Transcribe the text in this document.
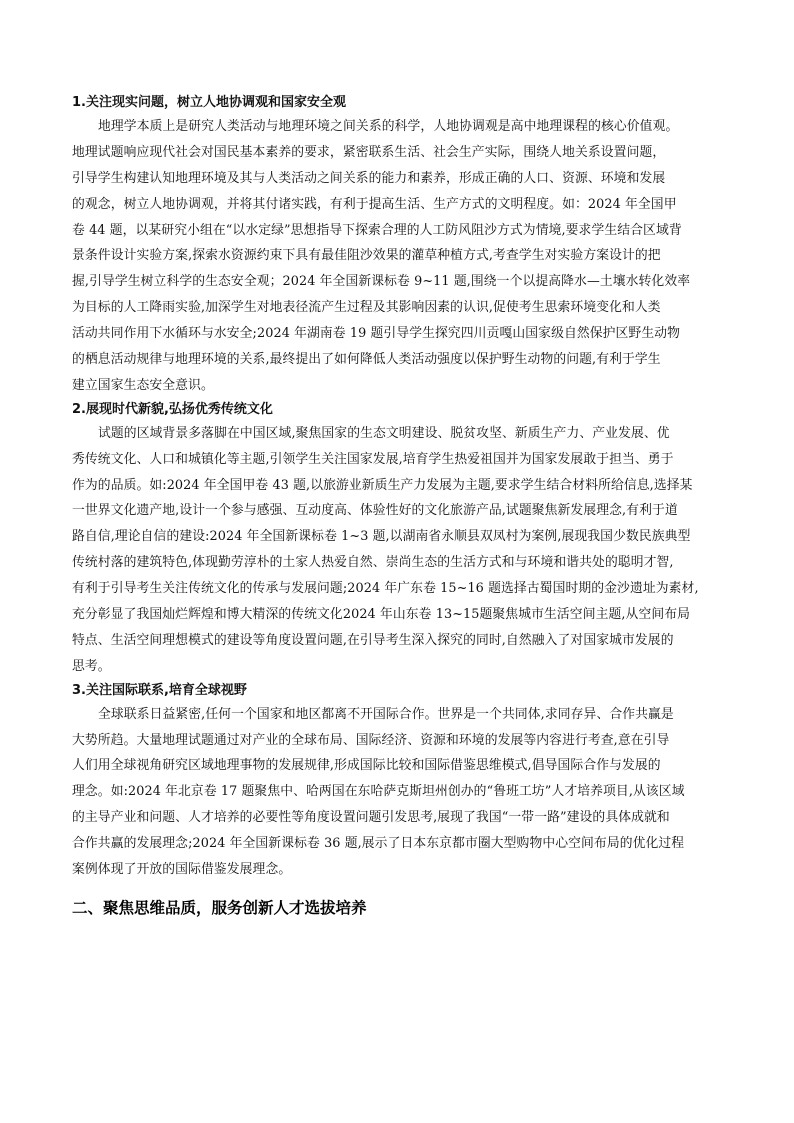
1.关注现实问题，树立人地协调观和国家安全观

地理学本质上是研究人类活动与地理环境之间关系的科学，人地协调观是高中地理课程的核心价值观。
地理试题响应现代社会对国民基本素养的要求，紧密联系生活、社会生产实际，围绕人地关系设置问题，
引导学生构建认知地理环境及其与人类活动之间关系的能力和素养，形成正确的人口、资源、环境和发展
的观念，树立人地协调观，并将其付诸实践，有利于提高生活、生产方式的文明程度。如：2024 年全国甲
卷 44 题，以某研究小组在“以水定绿”思想指导下探索合理的人工防风阻沙方式为情境,要求学生结合区域背
景条件设计实验方案,探索水资源约束下具有最佳阻沙效果的灌草种植方式,考查学生对实验方案设计的把
握,引导学生树立科学的生态安全观；2024 年全国新课标卷 9~11 题,围绕一个以提高降水—土壤水转化效率
为目标的人工降雨实验,加深学生对地表径流产生过程及其影响因素的认识,促使考生思索环境变化和人类
活动共同作用下水循环与水安全;2024 年湖南卷 19 题引导学生探究四川贡嘎山国家级自然保护区野生动物
的栖息活动规律与地理环境的关系,最终提出了如何降低人类活动强度以保护野生动物的问题,有利于学生
建立国家生态安全意识。

2.展现时代新貌,弘扬优秀传统文化

试题的区域背景多落脚在中国区域,聚焦国家的生态文明建设、脱贫攻坚、新质生产力、产业发展、优
秀传统文化、人口和城镇化等主题,引领学生关注国家发展,培育学生热爱祖国并为国家发展敢于担当、勇于
作为的品质。如:2024 年全国甲卷 43 题,以旅游业新质生产力发展为主题,要求学生结合材料所给信息,选择某
一世界文化遗产地,设计一个参与感强、互动度高、体验性好的文化旅游产品,试题聚焦新发展理念,有利于道
路自信,理论自信的建设:2024 年全国新课标卷 1~3 题,以湖南省永顺县双凤村为案例,展现我国少数民族典型
传统村落的建筑特色,体现勤劳淳朴的土家人热爱自然、崇尚生态的生活方式和与环境和谐共处的聪明才智,
有利于引导考生关注传统文化的传承与发展问题;2024 年广东卷 15~16 题选择古蜀国时期的金沙遗址为素材,
充分彰显了我国灿烂辉煌和博大精深的传统文化2024 年山东卷 13~15题聚焦城市生活空间主题,从空间布局
特点、生活空间理想模式的建设等角度设置问题,在引导考生深入探究的同时,自然融入了对国家城市发展的
思考。

3.关注国际联系,培育全球视野

全球联系日益紧密,任何一个国家和地区都离不开国际合作。世界是一个共同体,求同存异、合作共赢是
大势所趋。大量地理试题通过对产业的全球布局、国际经济、资源和环境的发展等内容进行考查,意在引导
人们用全球视角研究区域地理事物的发展规律,形成国际比较和国际借鉴思维模式,倡导国际合作与发展的
理念。如:2024 年北京卷 17 题聚焦中、哈两国在东哈萨克斯坦州创办的“鲁班工坊”人才培养项目,从该区域
的主导产业和问题、人才培养的必要性等角度设置问题引发思考,展现了我国“一带一路”建设的具体成就和
合作共赢的发展理念;2024 年全国新课标卷 36 题,展示了日本东京都市圈大型购物中心空间布局的优化过程
案例体现了开放的国际借鉴发展理念。
二、聚焦思维品质，服务创新人才选拔培养
